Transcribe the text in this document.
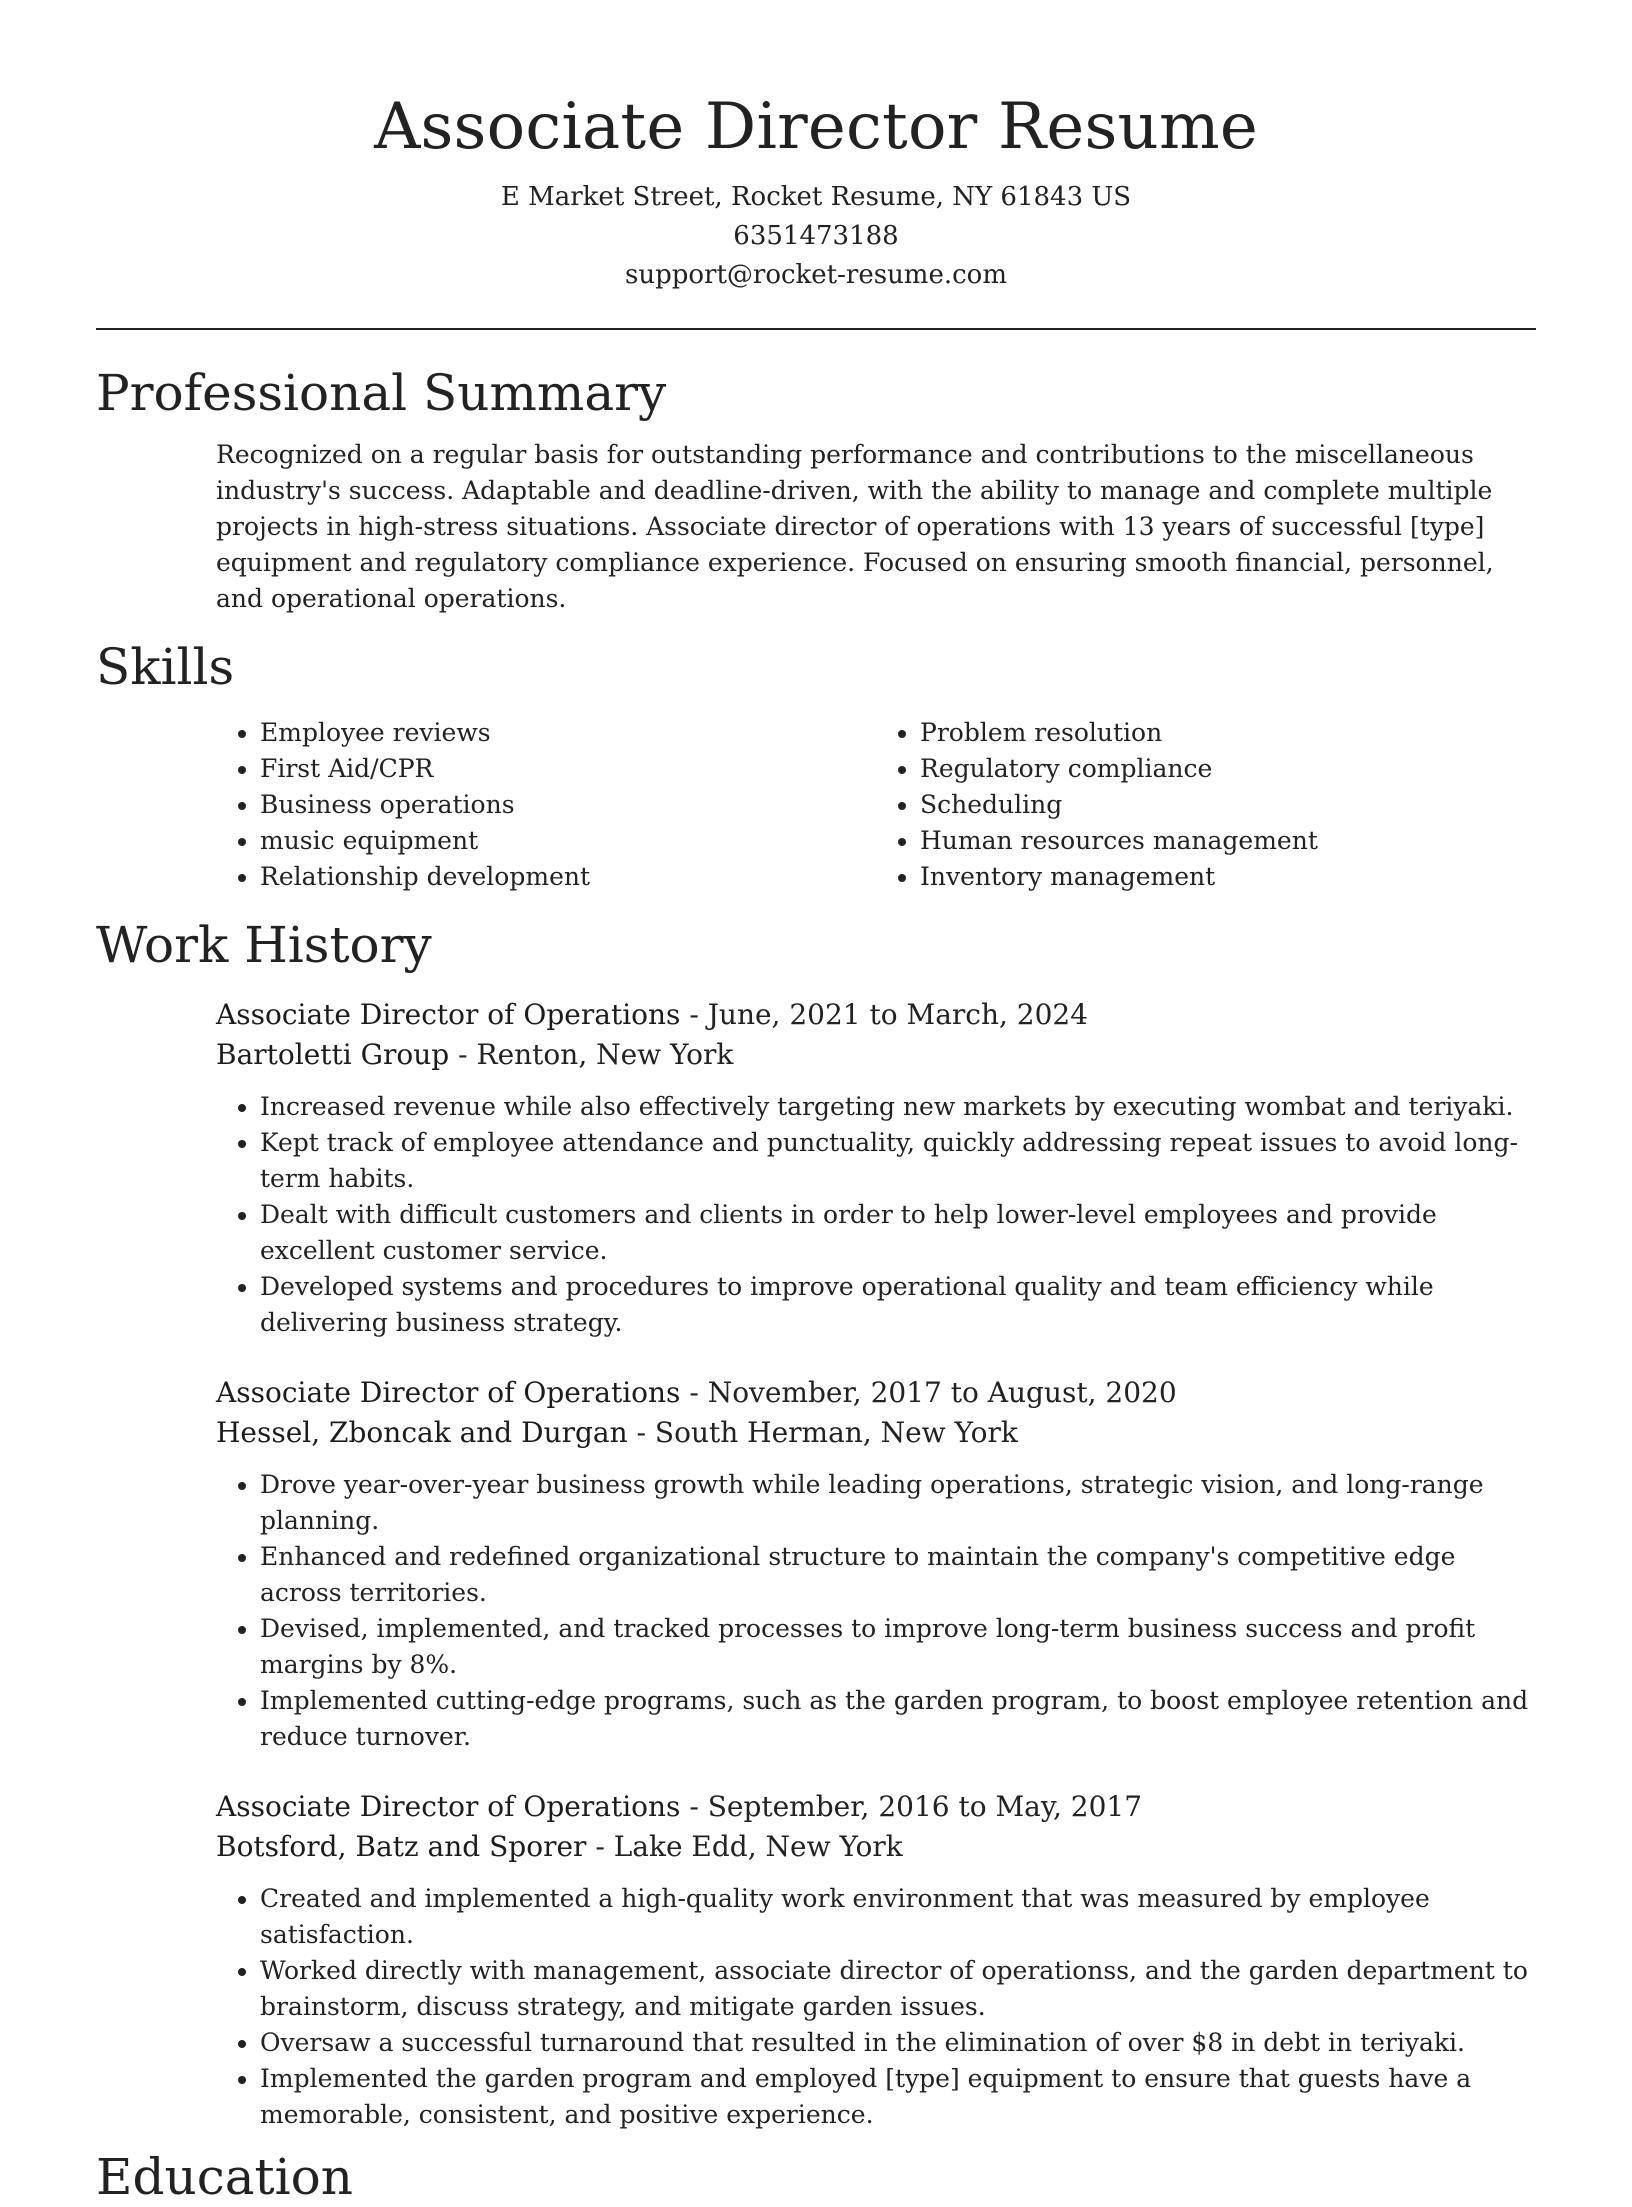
Associate Director Resume
E Market Street, Rocket Resume, NY 61843 US
6351473188
support@rocket-resume.com
Professional Summary
Recognized on a regular basis for outstanding performance and contributions to the miscellaneous industry's success. Adaptable and deadline-driven, with the ability to manage and complete multiple projects in high-stress situations. Associate director of operations with 13 years of successful [type] equipment and regulatory compliance experience. Focused on ensuring smooth financial, personnel, and operational operations.
Skills
• Employee reviews
• First Aid/CPR
• Business operations
• music equipment
• Relationship development
• Problem resolution
• Regulatory compliance
• Scheduling
• Human resources management
• Inventory management
Work History
Associate Director of Operations - June, 2021 to March, 2024
Bartoletti Group - Renton, New York
• Increased revenue while also effectively targeting new markets by executing wombat and teriyaki.
• Kept track of employee attendance and punctuality, quickly addressing repeat issues to avoid long-term habits.
• Dealt with difficult customers and clients in order to help lower-level employees and provide excellent customer service.
• Developed systems and procedures to improve operational quality and team efficiency while delivering business strategy.
Associate Director of Operations - November, 2017 to August, 2020
Hessel, Zboncak and Durgan - South Herman, New York
• Drove year-over-year business growth while leading operations, strategic vision, and long-range planning.
• Enhanced and redefined organizational structure to maintain the company's competitive edge across territories.
• Devised, implemented, and tracked processes to improve long-term business success and profit margins by 8%.
• Implemented cutting-edge programs, such as the garden program, to boost employee retention and reduce turnover.
Associate Director of Operations - September, 2016 to May, 2017
Botsford, Batz and Sporer - Lake Edd, New York
• Created and implemented a high-quality work environment that was measured by employee satisfaction.
• Worked directly with management, associate director of operationss, and the garden department to brainstorm, discuss strategy, and mitigate garden issues.
• Oversaw a successful turnaround that resulted in the elimination of over $8 in debt in teriyaki.
• Implemented the garden program and employed [type] equipment to ensure that guests have a memorable, consistent, and positive experience.
Education
